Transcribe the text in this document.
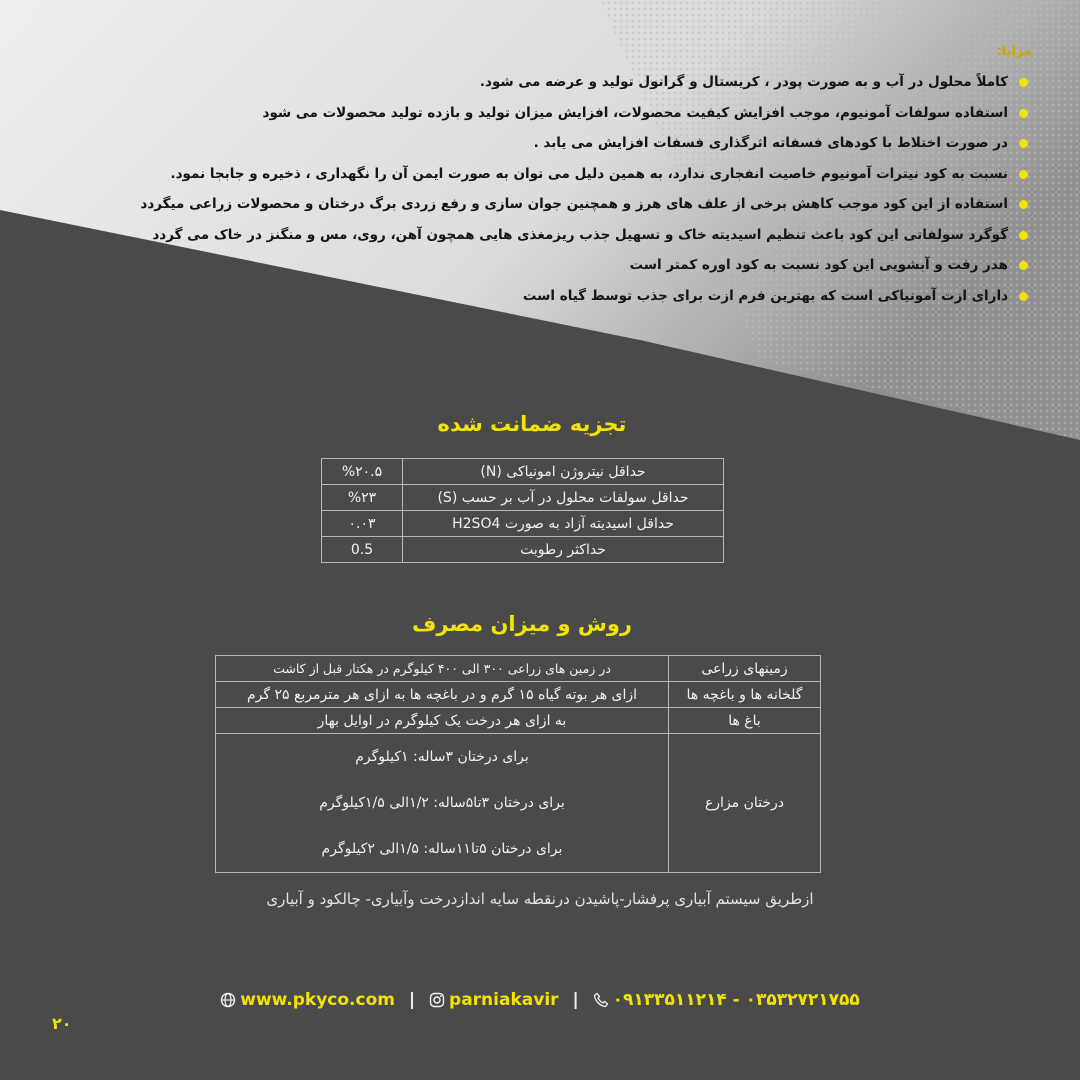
مزایا:
کاملاً محلول در آب و به صورت پودر ، کریستال و گرانول تولید و عرضه می شود.
استفاده سولفات آمونیوم، موجب افزایش کیفیت محصولات، افزایش میزان تولید و بازده تولید محصولات می شود
در صورت اختلاط با کودهای فسفاته اثرگذاری فسفات افزایش می یابد .
نسبت به کود نیترات آمونیوم خاصیت انفجاری ندارد، به همین دلیل می توان به صورت ایمن آن را نگهداری ، ذخیره و جابجا نمود.
استفاده از این کود موجب کاهش برخی از علف های هرز و همچنین جوان سازی و رفع زردی برگ درختان و محصولات زراعی میگردد
گوگرد سولفاتی این کود باعث تنظیم اسیدیته خاک و تسهیل جذب ریزمغذی هایی همچون آهن، روی، مس و منگنز در خاک می گردد
هدر رفت و آبشویی این کود نسبت به کود اوره کمتر است
دارای ازت آمونیاکی است که بهترین فرم ازت برای جذب توسط گیاه است
تجزیه ضمانت شده
حداقل نیتروژن امونیاکی (N)	%۲۰.۵
حداقل سولفات محلول در آب بر حسب (S)	%۲۳
حداقل اسیدیته آزاد به صورت H2SO4	۰.۰۳
حداکثر رطوبت	0.5
روش و میزان مصرف
زمینهای زراعی	در زمین های زراعی ۳۰۰ الی ۴۰۰ کیلوگرم در هکتار قبل از کاشت
گلخانه ها و باغچه ها	ازای هر بوته گیاه ۱۵ گرم و در باغچه ها به ازای هر مترمربع ۲۵ گرم
باغ ها	به ازای هر درخت یک کیلوگرم در اوایل بهار
درختان مزارع	برای درختان ۳ساله: ۱کیلوگرم
برای درختان ۳تا۵ساله: ۱/۲الی ۱/۵کیلوگرم
برای درختان ۵تا۱۱ساله: ۱/۵الی ۲کیلوگرم
ازطریق سیستم آبیاری پرفشار-پاشیدن درنقطه سایه اندازدرخت وآبیاری- چالکود و آبیاری
www.pkyco.com | parniakavir | ۰۹۱۳۳۵۱۱۲۱۴ - ۰۳۵۳۲۷۲۱۷۵۵
۲۰
